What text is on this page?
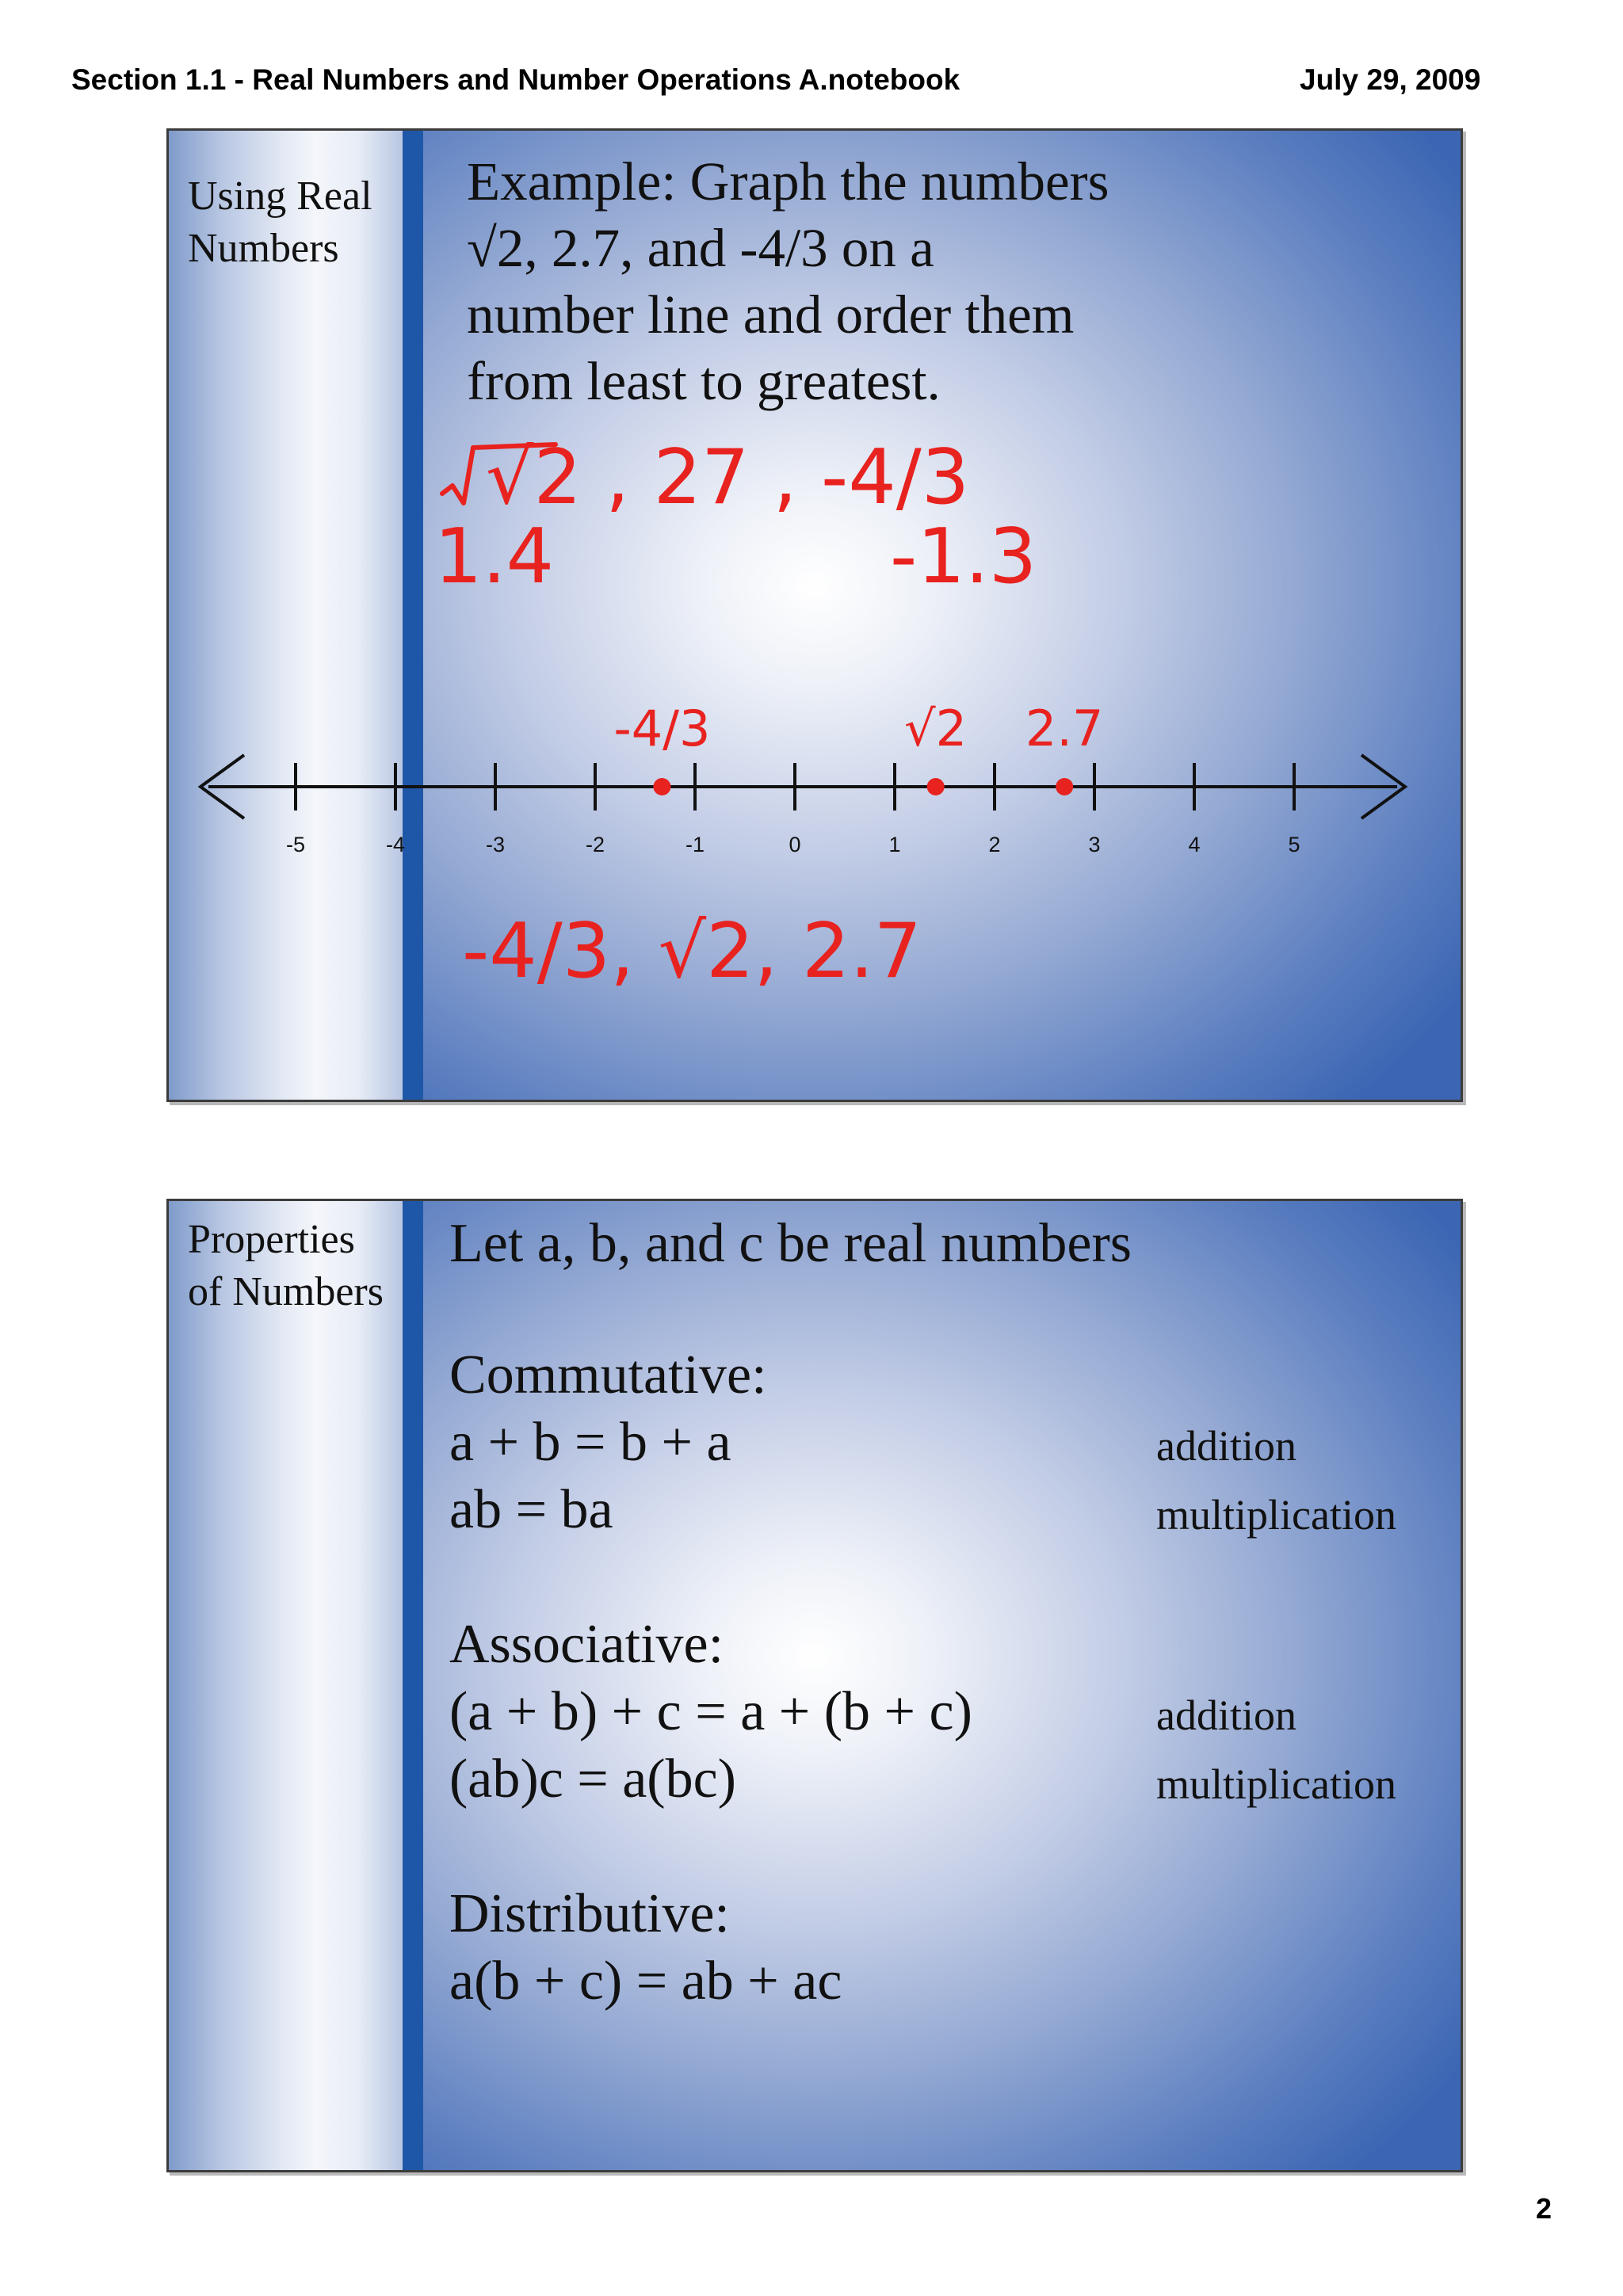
Section 1.1 - Real Numbers and Number Operations A.notebook	July 29, 2009
Using Real
Numbers
Example: Graph the numbers
√2, 2.7, and -4/3 on a
number line and order them
from least to greatest.
√2 , 27 , -4/3
1.4	-1.3
-4/3, √2, 2.7
-5	-4	-3	-2	-1	0	1	2	3	4	5
-4/3	√2 2.7
Properties
of Numbers
Let a, b, and c be real numbers
Commutative:
a + b = b + a	addition
ab = ba	multiplication
Associative:
(a + b) + c = a + (b + c)	addition
(ab)c = a(bc)	multiplication
Distributive:
a(b + c) = ab + ac
2
